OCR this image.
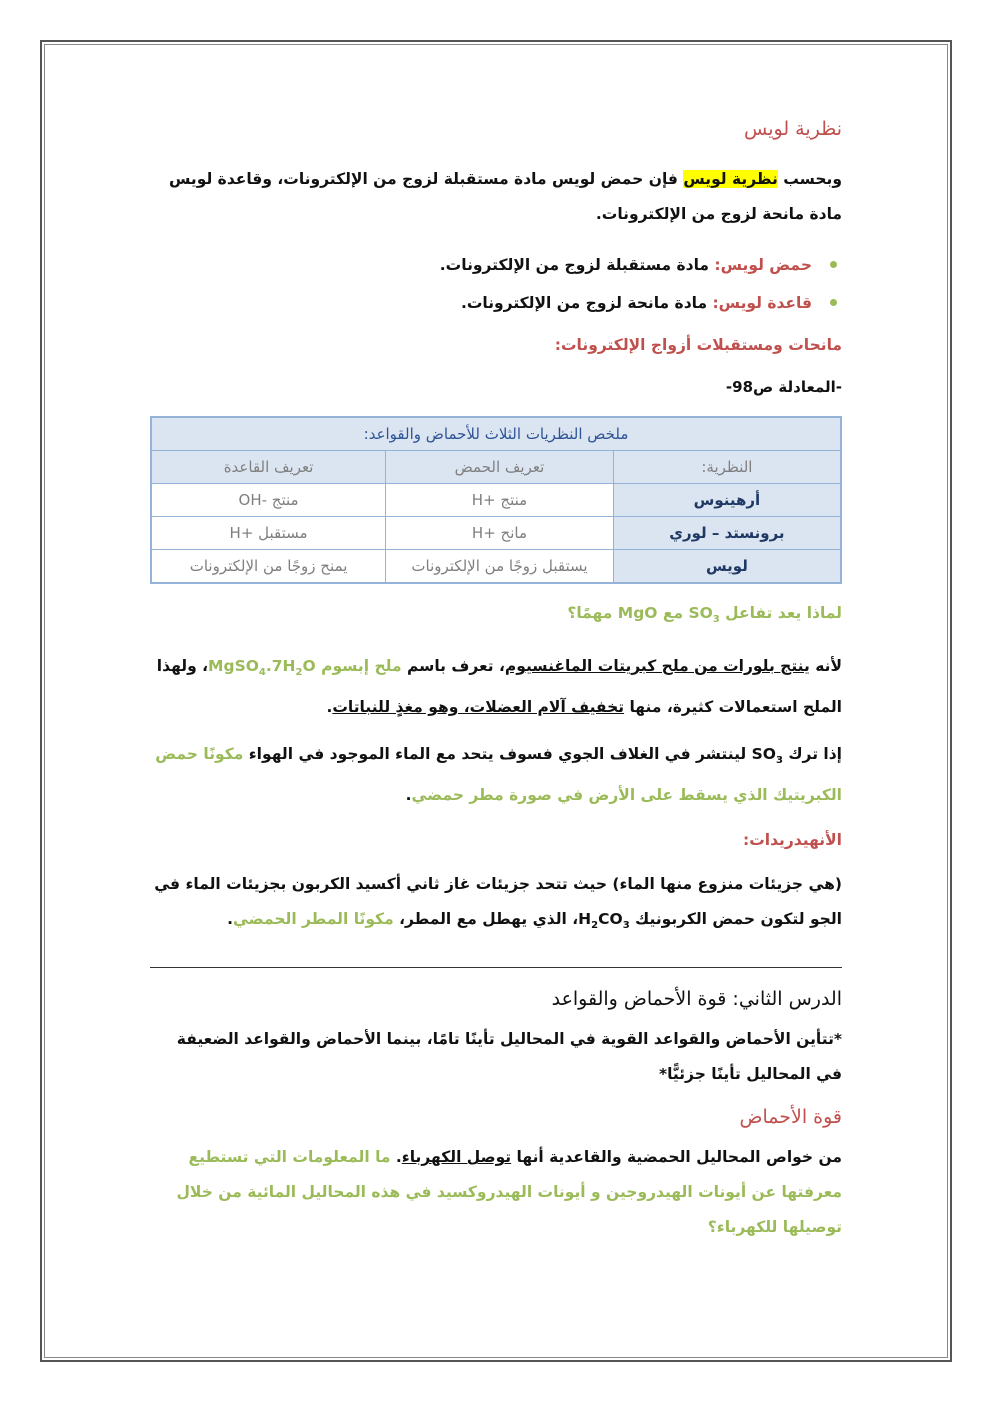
نظرية لويس

وبحسب نظرية لويس فإن حمض لويس مادة مستقبلة لزوج من الإلكترونات، وقاعدة لويس مادة مانحة لزوج من الإلكترونات.

حمض لويس: مادة مستقبلة لزوج من الإلكترونات.
قاعدة لويس: مادة مانحة لزوج من الإلكترونات.
مانحات ومستقبلات أزواج الإلكترونات:
-المعادلة ص98-
ملخص النظريات الثلاث للأحماض والقواعد:		
النظرية:	تعريف الحمض	تعريف القاعدة
أرهينوس	منتج +H	منتج -OH
برونستد – لوري	مانح +H	مستقبل +H
لويس	يستقبل زوجًا من الإلكترونات	يمنح زوجًا من الإلكترونات
لماذا يعد تفاعل $SO_3$ مع MgO مهمًا؟

لأنه ينتج بلورات من ملح كبريتات الماغنسيوم، تعرف باسم ملح إبسوم $MgSO_4.7H_2O،$ ولهذا الملح استعمالات كثيرة، منها تخفيف آلام العضلات، وهو مغذٍ للنباتات.

إذا ترك $SO_3$ لينتشر في الغلاف الجوي فسوف يتحد مع الماء الموجود في الهواء مكونًا حمض الكبريتيك الذي يسقط على الأرض في صورة مطر حمضي.

الأنهيدريدات:

(هي جزيئات منزوع منها الماء) حيث تتحد جزيئات غاز ثاني أكسيد الكربون بجزيئات الماء في الجو لتكون حمض الكربونيك $H_2CO_3،$ الذي يهطل مع المطر، مكونًا المطر الحمضي.

الدرس الثاني: قوة الأحماض والقواعد

*تتأين الأحماض والقواعد القوية في المحاليل تأينًا تامًا، بينما الأحماض والقواعد الضعيفة في المحاليل تأينًا جزئيًّا*

قوة الأحماض

من خواص المحاليل الحمضية والقاعدية أنها توصل الكهرباء. ما المعلومات التي تستطيع معرفتها عن أيونات الهيدروجين و أيونات الهيدروكسيد في هذه المحاليل المائية من خلال توصيلها للكهرباء؟
